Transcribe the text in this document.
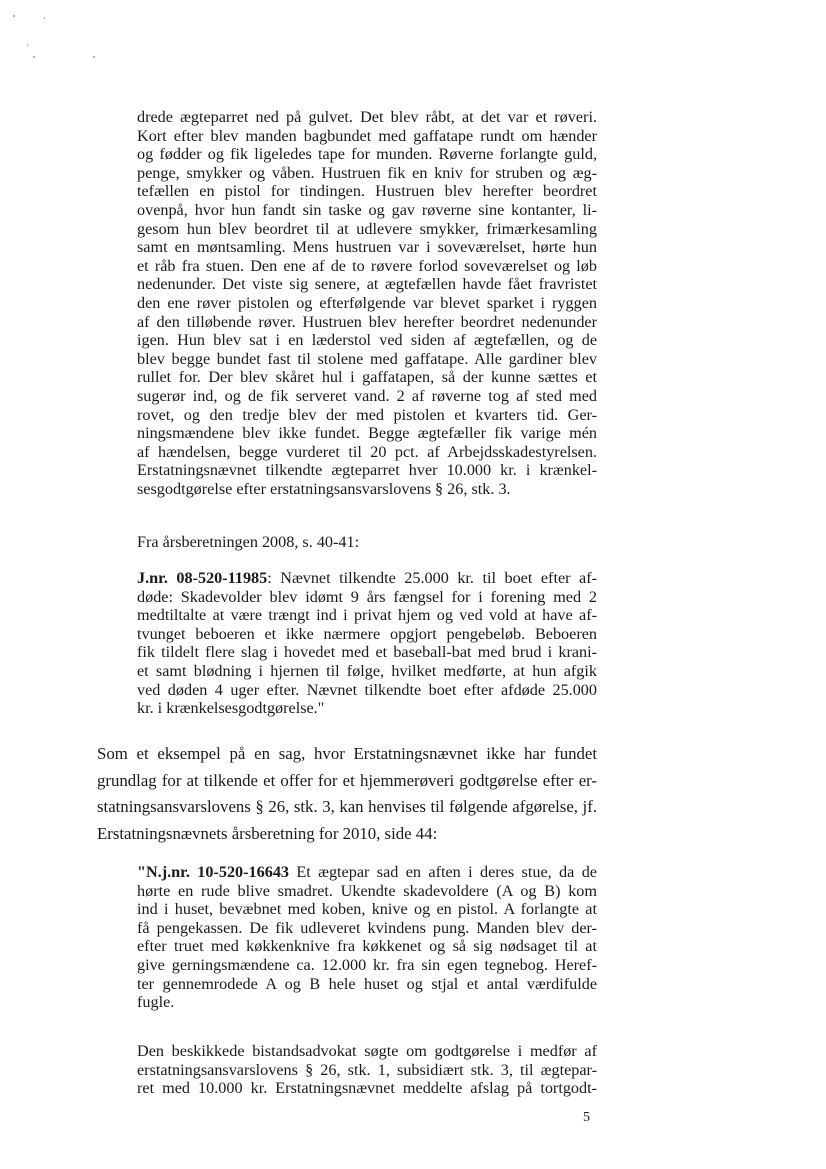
drede ægteparret ned på gulvet. Det blev råbt, at det var et røveri.
Kort efter blev manden bagbundet med gaffatape rundt om hænder
og fødder og fik ligeledes tape for munden. Røverne forlangte guld,
penge, smykker og våben. Hustruen fik en kniv for struben og æg-
tefællen en pistol for tindingen. Hustruen blev herefter beordret
ovenpå, hvor hun fandt sin taske og gav røverne sine kontanter, li-
gesom hun blev beordret til at udlevere smykker, frimærkesamling
samt en møntsamling. Mens hustruen var i soveværelset, hørte hun
et råb fra stuen. Den ene af de to røvere forlod soveværelset og løb
nedenunder. Det viste sig senere, at ægtefællen havde fået fravristet
den ene røver pistolen og efterfølgende var blevet sparket i ryggen
af den tilløbende røver. Hustruen blev herefter beordret nedenunder
igen. Hun blev sat i en læderstol ved siden af ægtefællen, og de
blev begge bundet fast til stolene med gaffatape. Alle gardiner blev
rullet for. Der blev skåret hul i gaffatapen, så der kunne sættes et
sugerør ind, og de fik serveret vand. 2 af røverne tog af sted med
rovet, og den tredje blev der med pistolen et kvarters tid. Ger-
ningsmændene blev ikke fundet. Begge ægtefæller fik varige mén
af hændelsen, begge vurderet til 20 pct. af Arbejdsskadestyrelsen.
Erstatningsnævnet tilkendte ægteparret hver 10.000 kr. i krænkel-
sesgodtgørelse efter erstatningsansvarslovens § 26, stk. 3.
Fra årsberetningen 2008, s. 40-41:
J.nr. 08-520-11985: Nævnet tilkendte 25.000 kr. til boet efter af-
døde: Skadevolder blev idømt 9 års fængsel for i forening med 2
medtiltalte at være trængt ind i privat hjem og ved vold at have af-
tvunget beboeren et ikke nærmere opgjort pengebeløb. Beboeren
fik tildelt flere slag i hovedet med et baseball-bat med brud i krani-
et samt blødning i hjernen til følge, hvilket medførte, at hun afgik
ved døden 4 uger efter. Nævnet tilkendte boet efter afdøde 25.000
kr. i krænkelsesgodtgørelse."
Som et eksempel på en sag, hvor Erstatningsnævnet ikke har fundet
grundlag for at tilkende et offer for et hjemmerøveri godtgørelse efter er-
statningsansvarslovens § 26, stk. 3, kan henvises til følgende afgørelse, jf.
Erstatningsnævnets årsberetning for 2010, side 44:
"N.j.nr. 10-520-16643 Et ægtepar sad en aften i deres stue, da de
hørte en rude blive smadret. Ukendte skadevoldere (A og B) kom
ind i huset, bevæbnet med koben, knive og en pistol. A forlangte at
få pengekassen. De fik udleveret kvindens pung. Manden blev der-
efter truet med køkkenknive fra køkkenet og så sig nødsaget til at
give gerningsmændene ca. 12.000 kr. fra sin egen tegnebog. Heref-
ter gennemrodede A og B hele huset og stjal et antal værdifulde
fugle.
Den beskikkede bistandsadvokat søgte om godtgørelse i medfør af
erstatningsansvarslovens § 26, stk. 1, subsidiært stk. 3, til ægtepar-
ret med 10.000 kr. Erstatningsnævnet meddelte afslag på tortgodt-
5
